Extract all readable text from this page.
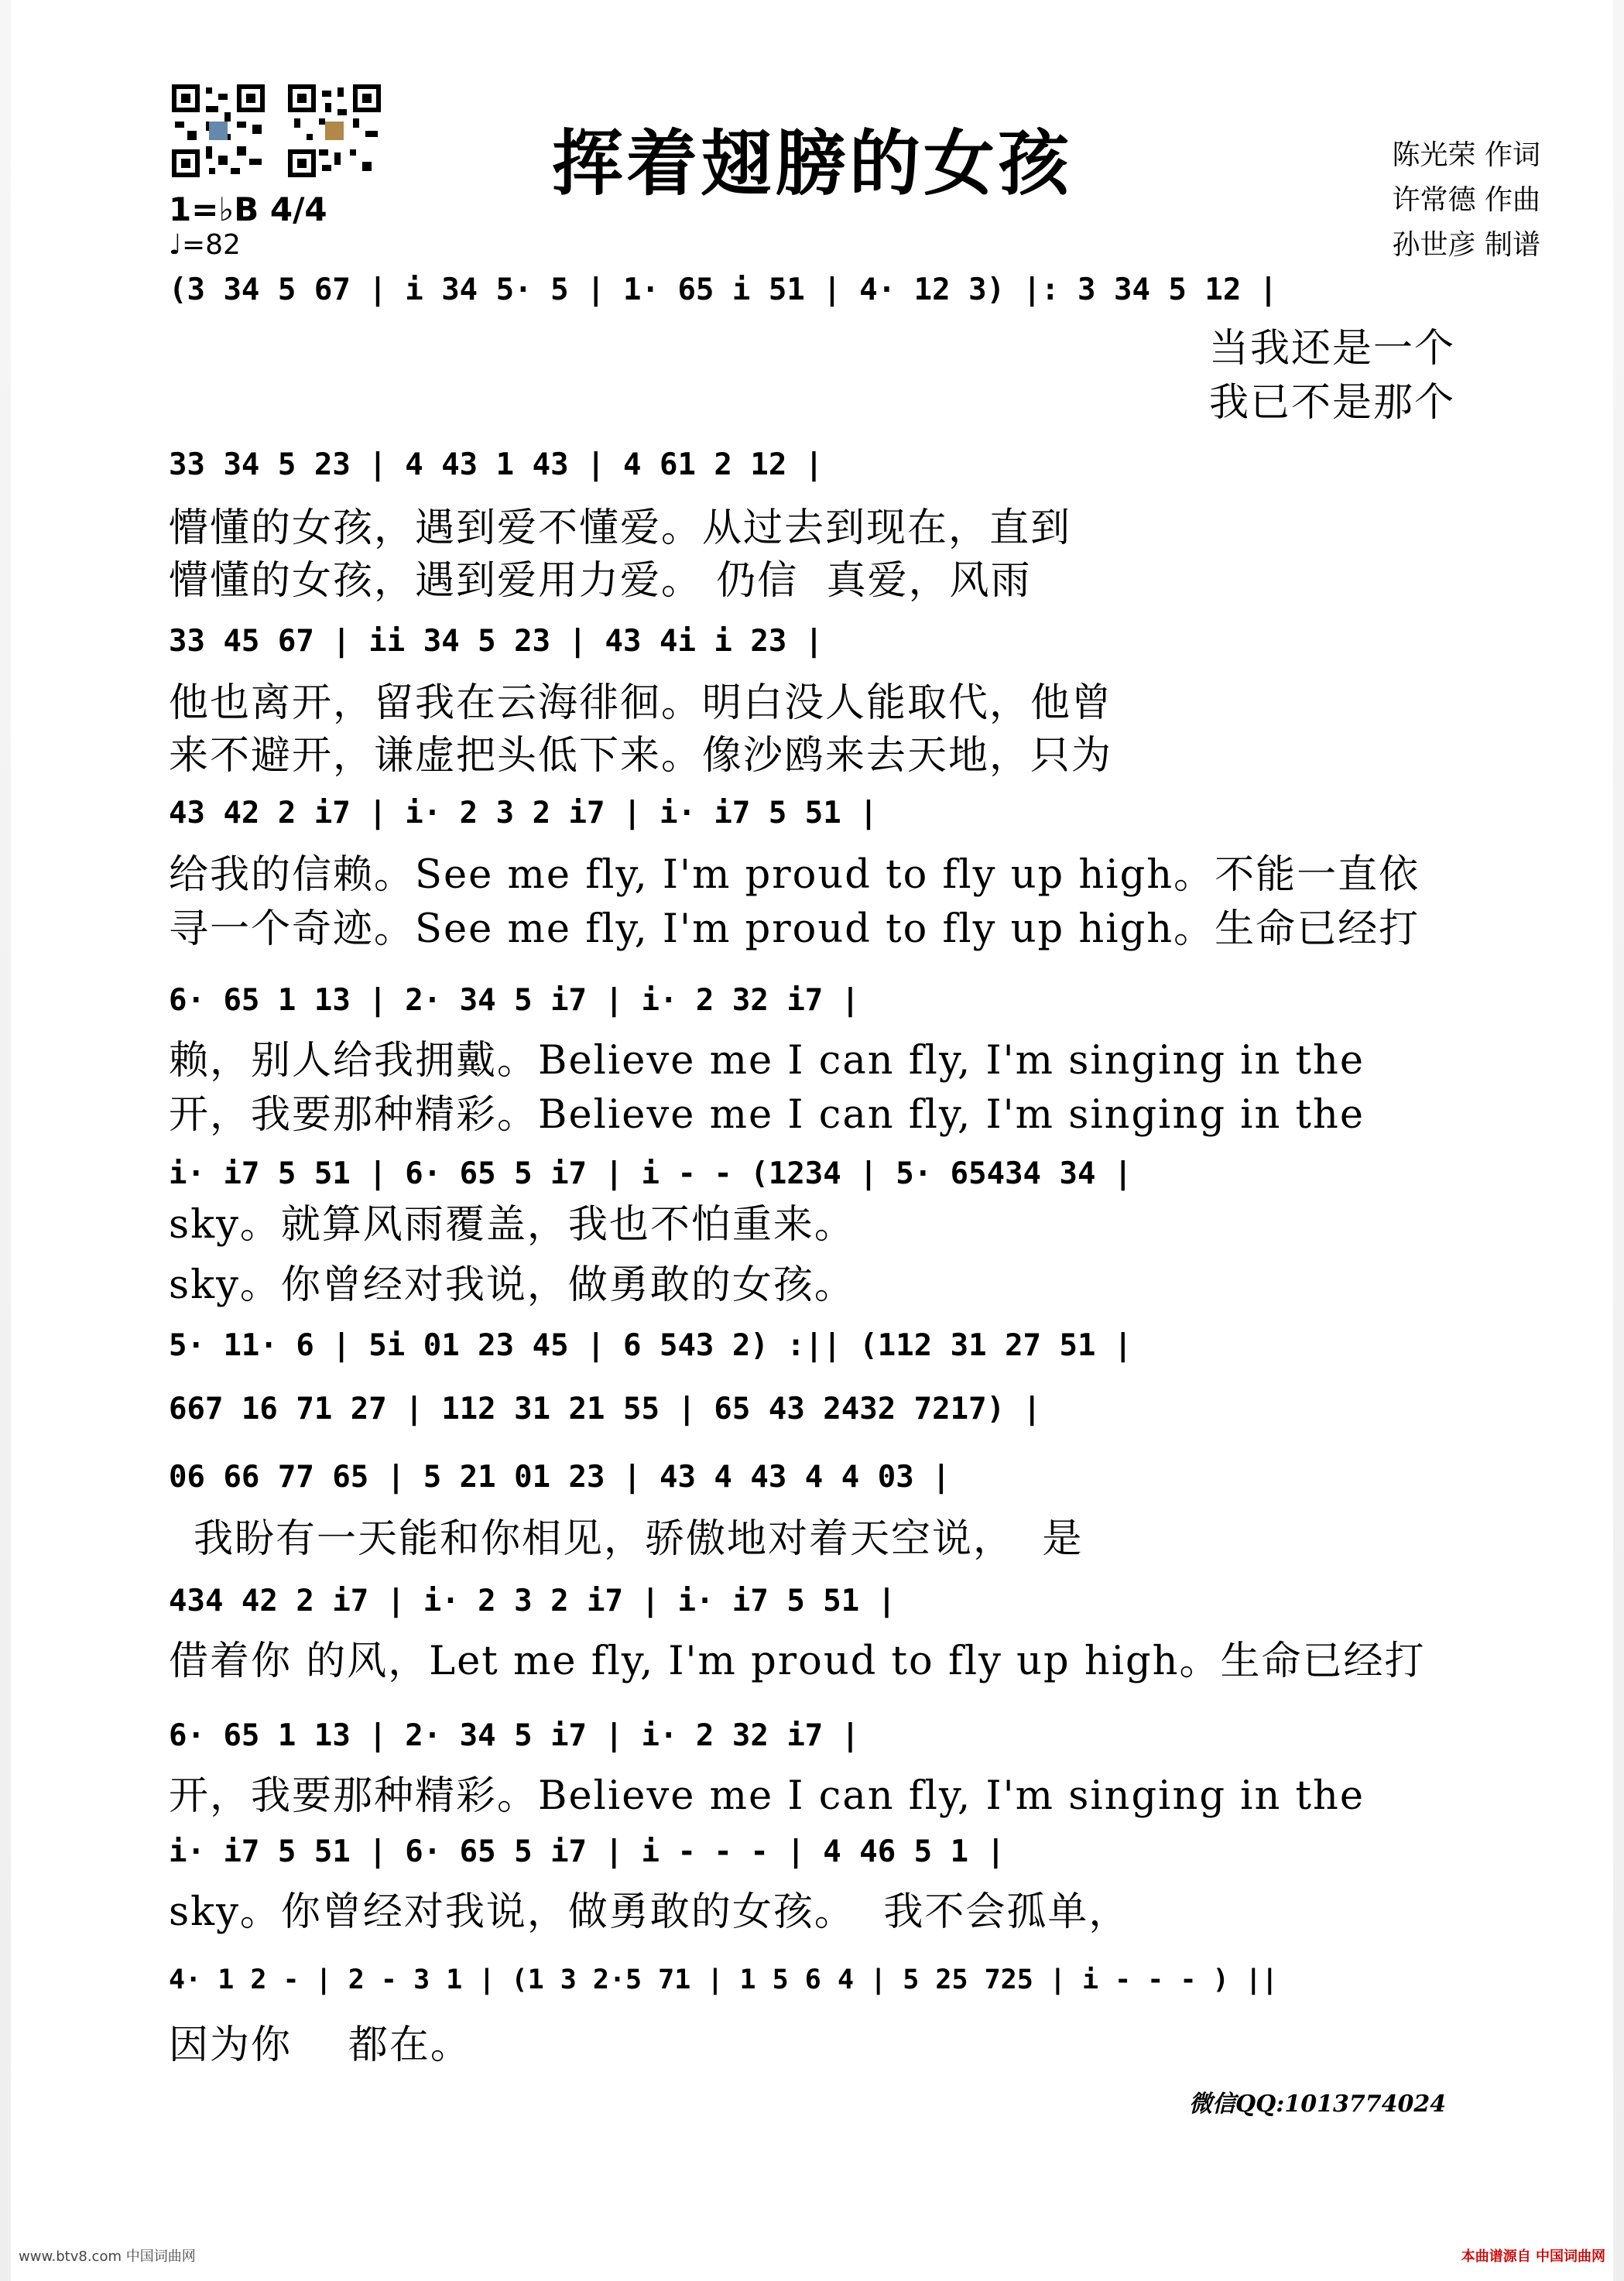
挥着翅膀的女孩	陈光荣 作词
许常德 作曲
孙世彦 制谱
1=♭B 4/4
♩=82
(3 34 5 67 | i 34 5· 5 | 1· 65 i 51 | 4· 12 3) |: 3 34 5 12 |
当我还是一个
我已不是那个
33 34 5 23 | 4 43 1 43 | 4 61 2 12 |
懵懂的女孩，遇到爱不懂爱。从过去到现在，直到
懵懂的女孩，遇到爱用力爱。 仍信  真爱，风雨
33 45 67 | ii 34 5 23 | 43 4i i 23 |
他也离开，留我在云海徘徊。明白没人能取代，他曾
来不避开，谦虚把头低下来。像沙鸥来去天地，只为
43 42 2 i7 | i· 2 3 2 i7 | i· i7 5 51 |
给我的信赖。See me fly, I'm proud to fly up high。不能一直依
寻一个奇迹。See me fly, I'm proud to fly up high。生命已经打
6· 65 1 13 | 2· 34 5 i7 | i· 2 32 i7 |
赖，别人给我拥戴。Believe me I can fly, I'm singing in the
开，我要那种精彩。Believe me I can fly, I'm singing in the
i· i7 5 51 | 6· 65 5 i7 | i - - (1234 | 5· 65434 34 |
sky。就算风雨覆盖，我也不怕重来。
sky。你曾经对我说，做勇敢的女孩。
5· 11· 6 | 5i 01 23 45 | 6 543 2) :|| (112 31 27 51 |
667 16 71 27 | 112 31 21 55 | 65 43 2432 7217) |
06 66 77 65 | 5 21 01 23 | 43 4 43 4 4 03 |
我盼有一天能和你相见，骄傲地对着天空说，  是
434 42 2 i7 | i· 2 3 2 i7 | i· i7 5 51 |
借着你 的风，Let me fly, I'm proud to fly up high。生命已经打
6· 65 1 13 | 2· 34 5 i7 | i· 2 32 i7 |
开，我要那种精彩。Believe me I can fly, I'm singing in the
i· i7 5 51 | 6· 65 5 i7 | i - - - | 4 46 5 1 |
sky。你曾经对我说，做勇敢的女孩。  我不会孤单，
4· 1 2 - | 2 - 3 1 | (1 3 2·5 71 | 1 5 6 4 | 5 25 725 | i - - - ) ||
因为你    都在。
微信QQ:1013774024
www.btv8.com 中国词曲网	本曲谱源自 中国词曲网
